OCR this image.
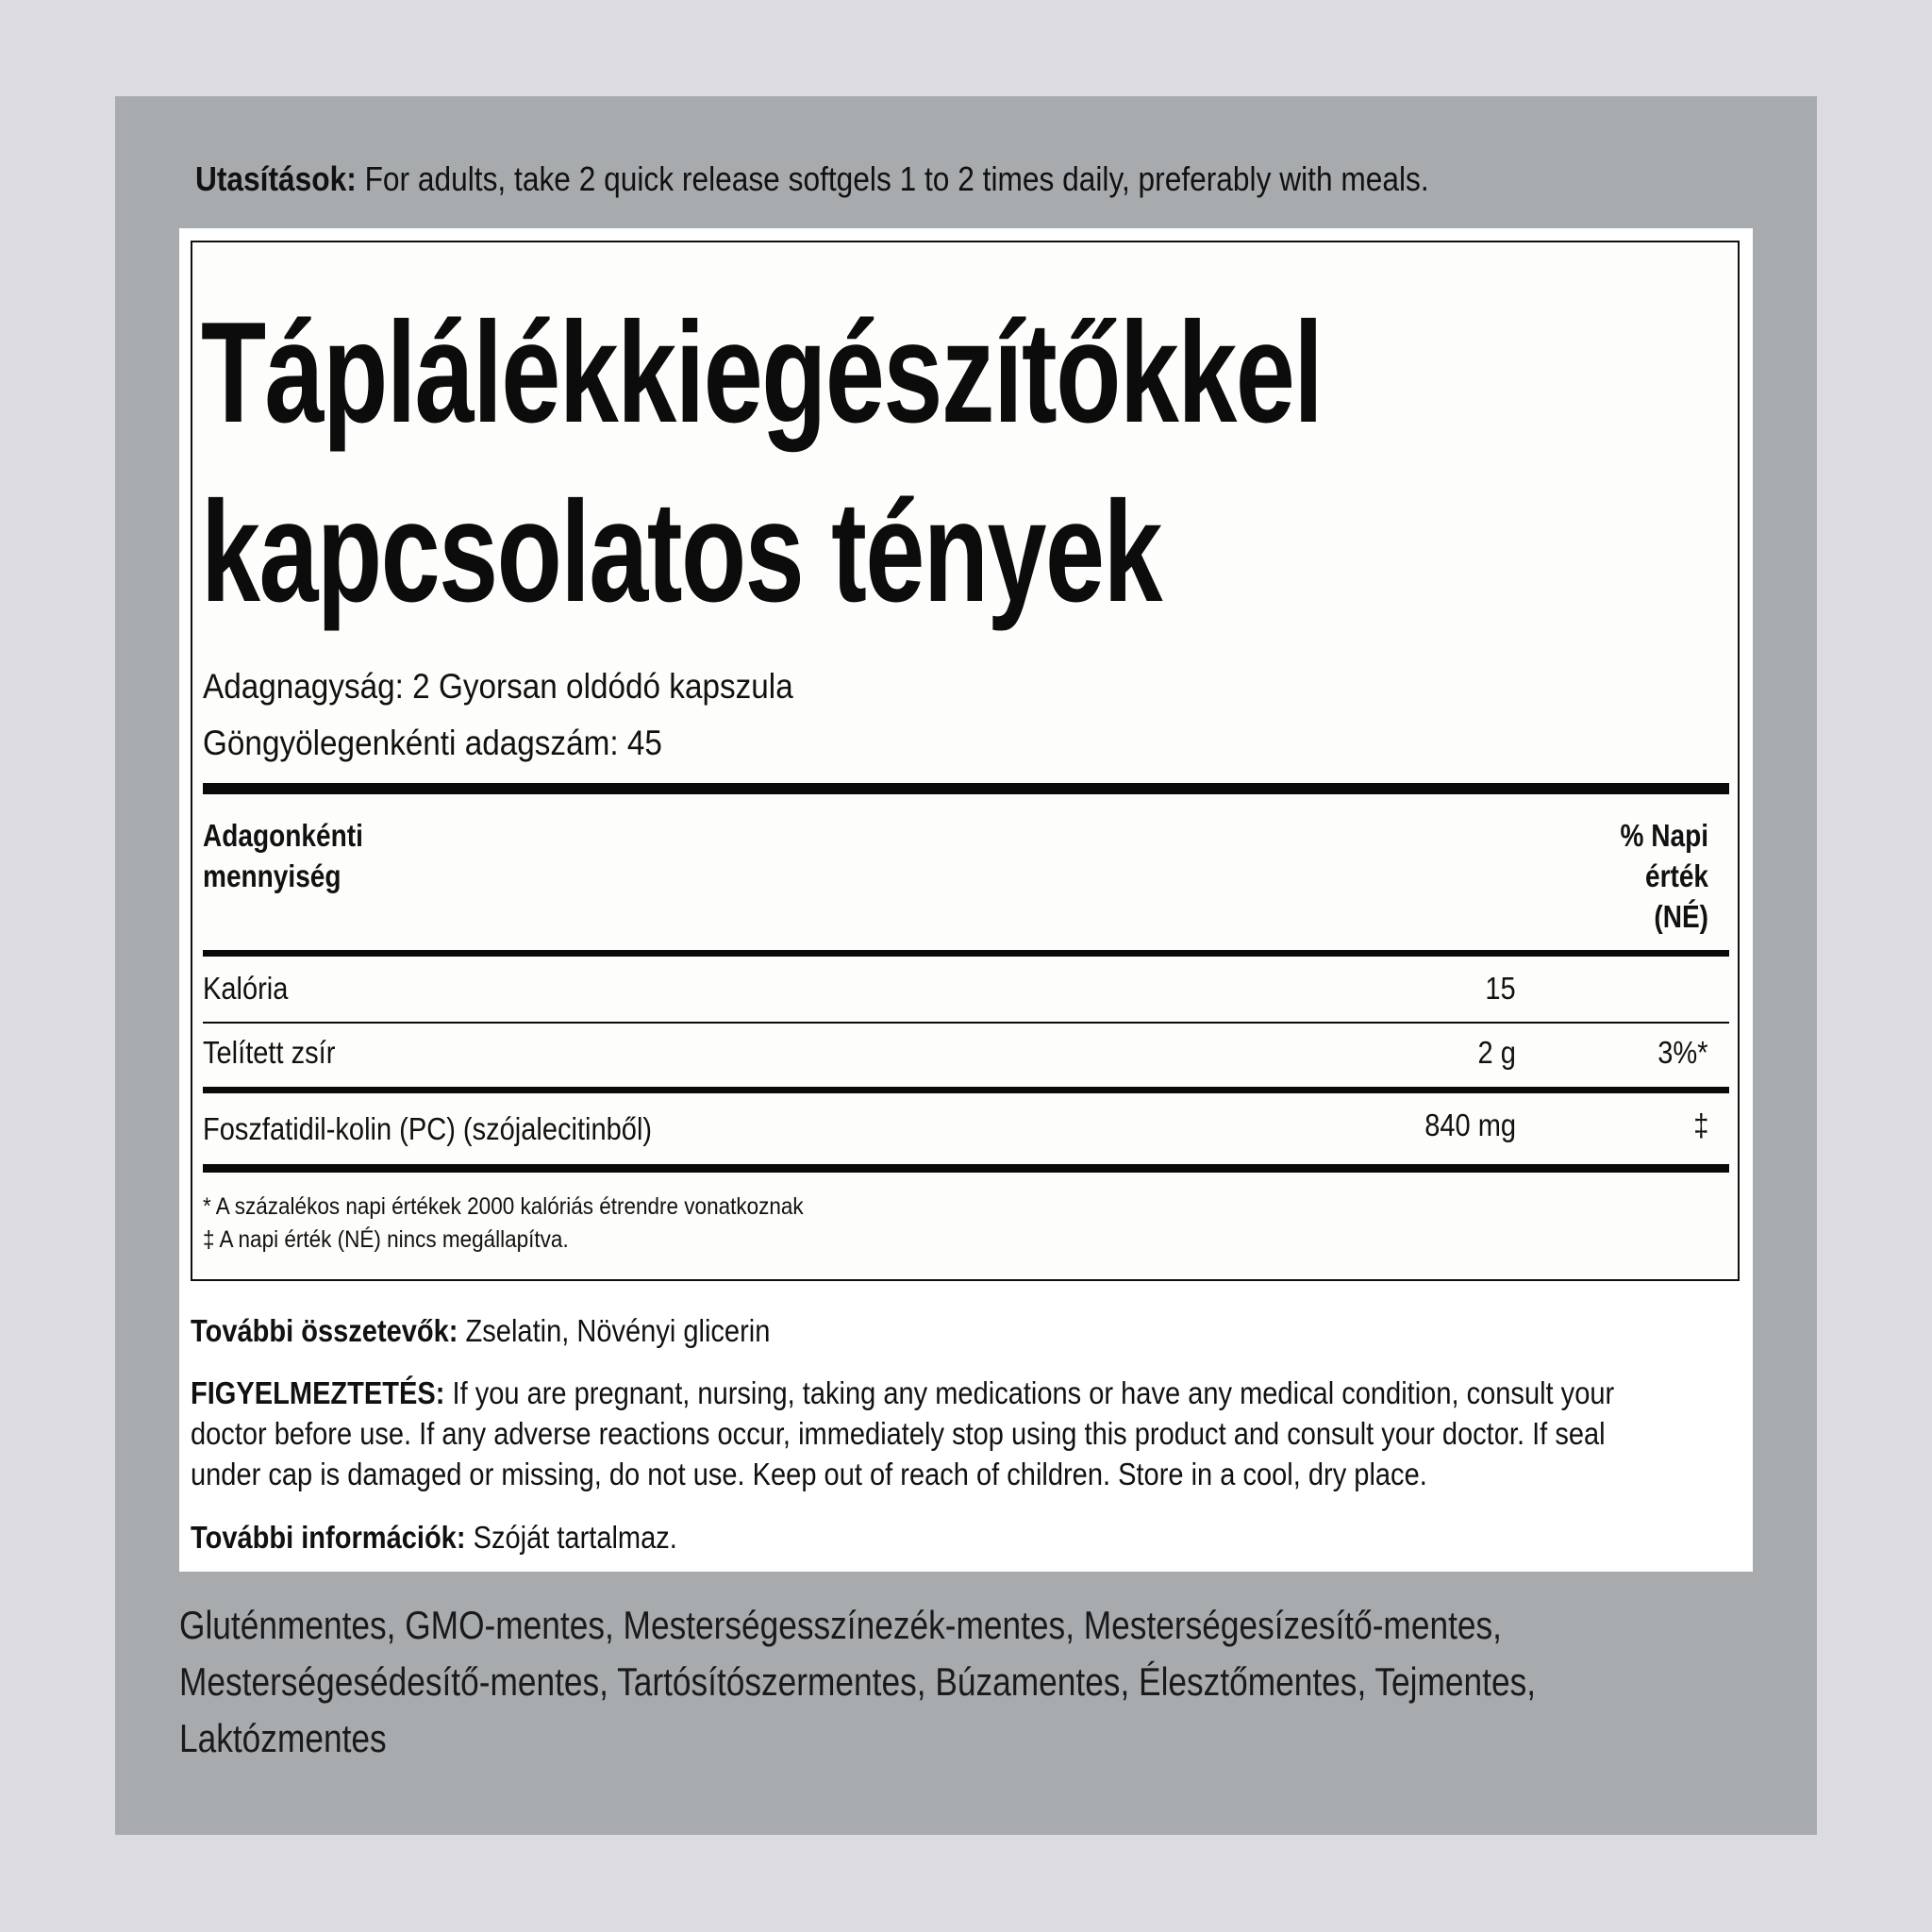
Utasítások: For adults, take 2 quick release softgels 1 to 2 times daily, preferably with meals.
Táplálékkiegészítőkkel
kapcsolatos tények
Adagnagyság: 2 Gyorsan oldódó kapszula
Göngyölegenkénti adagszám: 45
Adagonkénti
mennyiség
% Napi
érték
(NÉ)
Kalória	15
Telített zsír	2 g	3%*
Foszfatidil-kolin (PC) (szójalecitinből)	840 mg	‡
* A százalékos napi értékek 2000 kalóriás étrendre vonatkoznak
‡ A napi érték (NÉ) nincs megállapítva.
További összetevők: Zselatin, Növényi glicerin
FIGYELMEZTETÉS: If you are pregnant, nursing, taking any medications or have any medical condition, consult your
doctor before use. If any adverse reactions occur, immediately stop using this product and consult your doctor. If seal
under cap is damaged or missing, do not use. Keep out of reach of children. Store in a cool, dry place.
További információk: Szóját tartalmaz.
Gluténmentes, GMO-mentes, Mesterségesszínezék-mentes, Mesterségesízesítő-mentes,
Mesterségesédesítő-mentes, Tartósítószermentes, Búzamentes, Élesztőmentes, Tejmentes,
Laktózmentes
